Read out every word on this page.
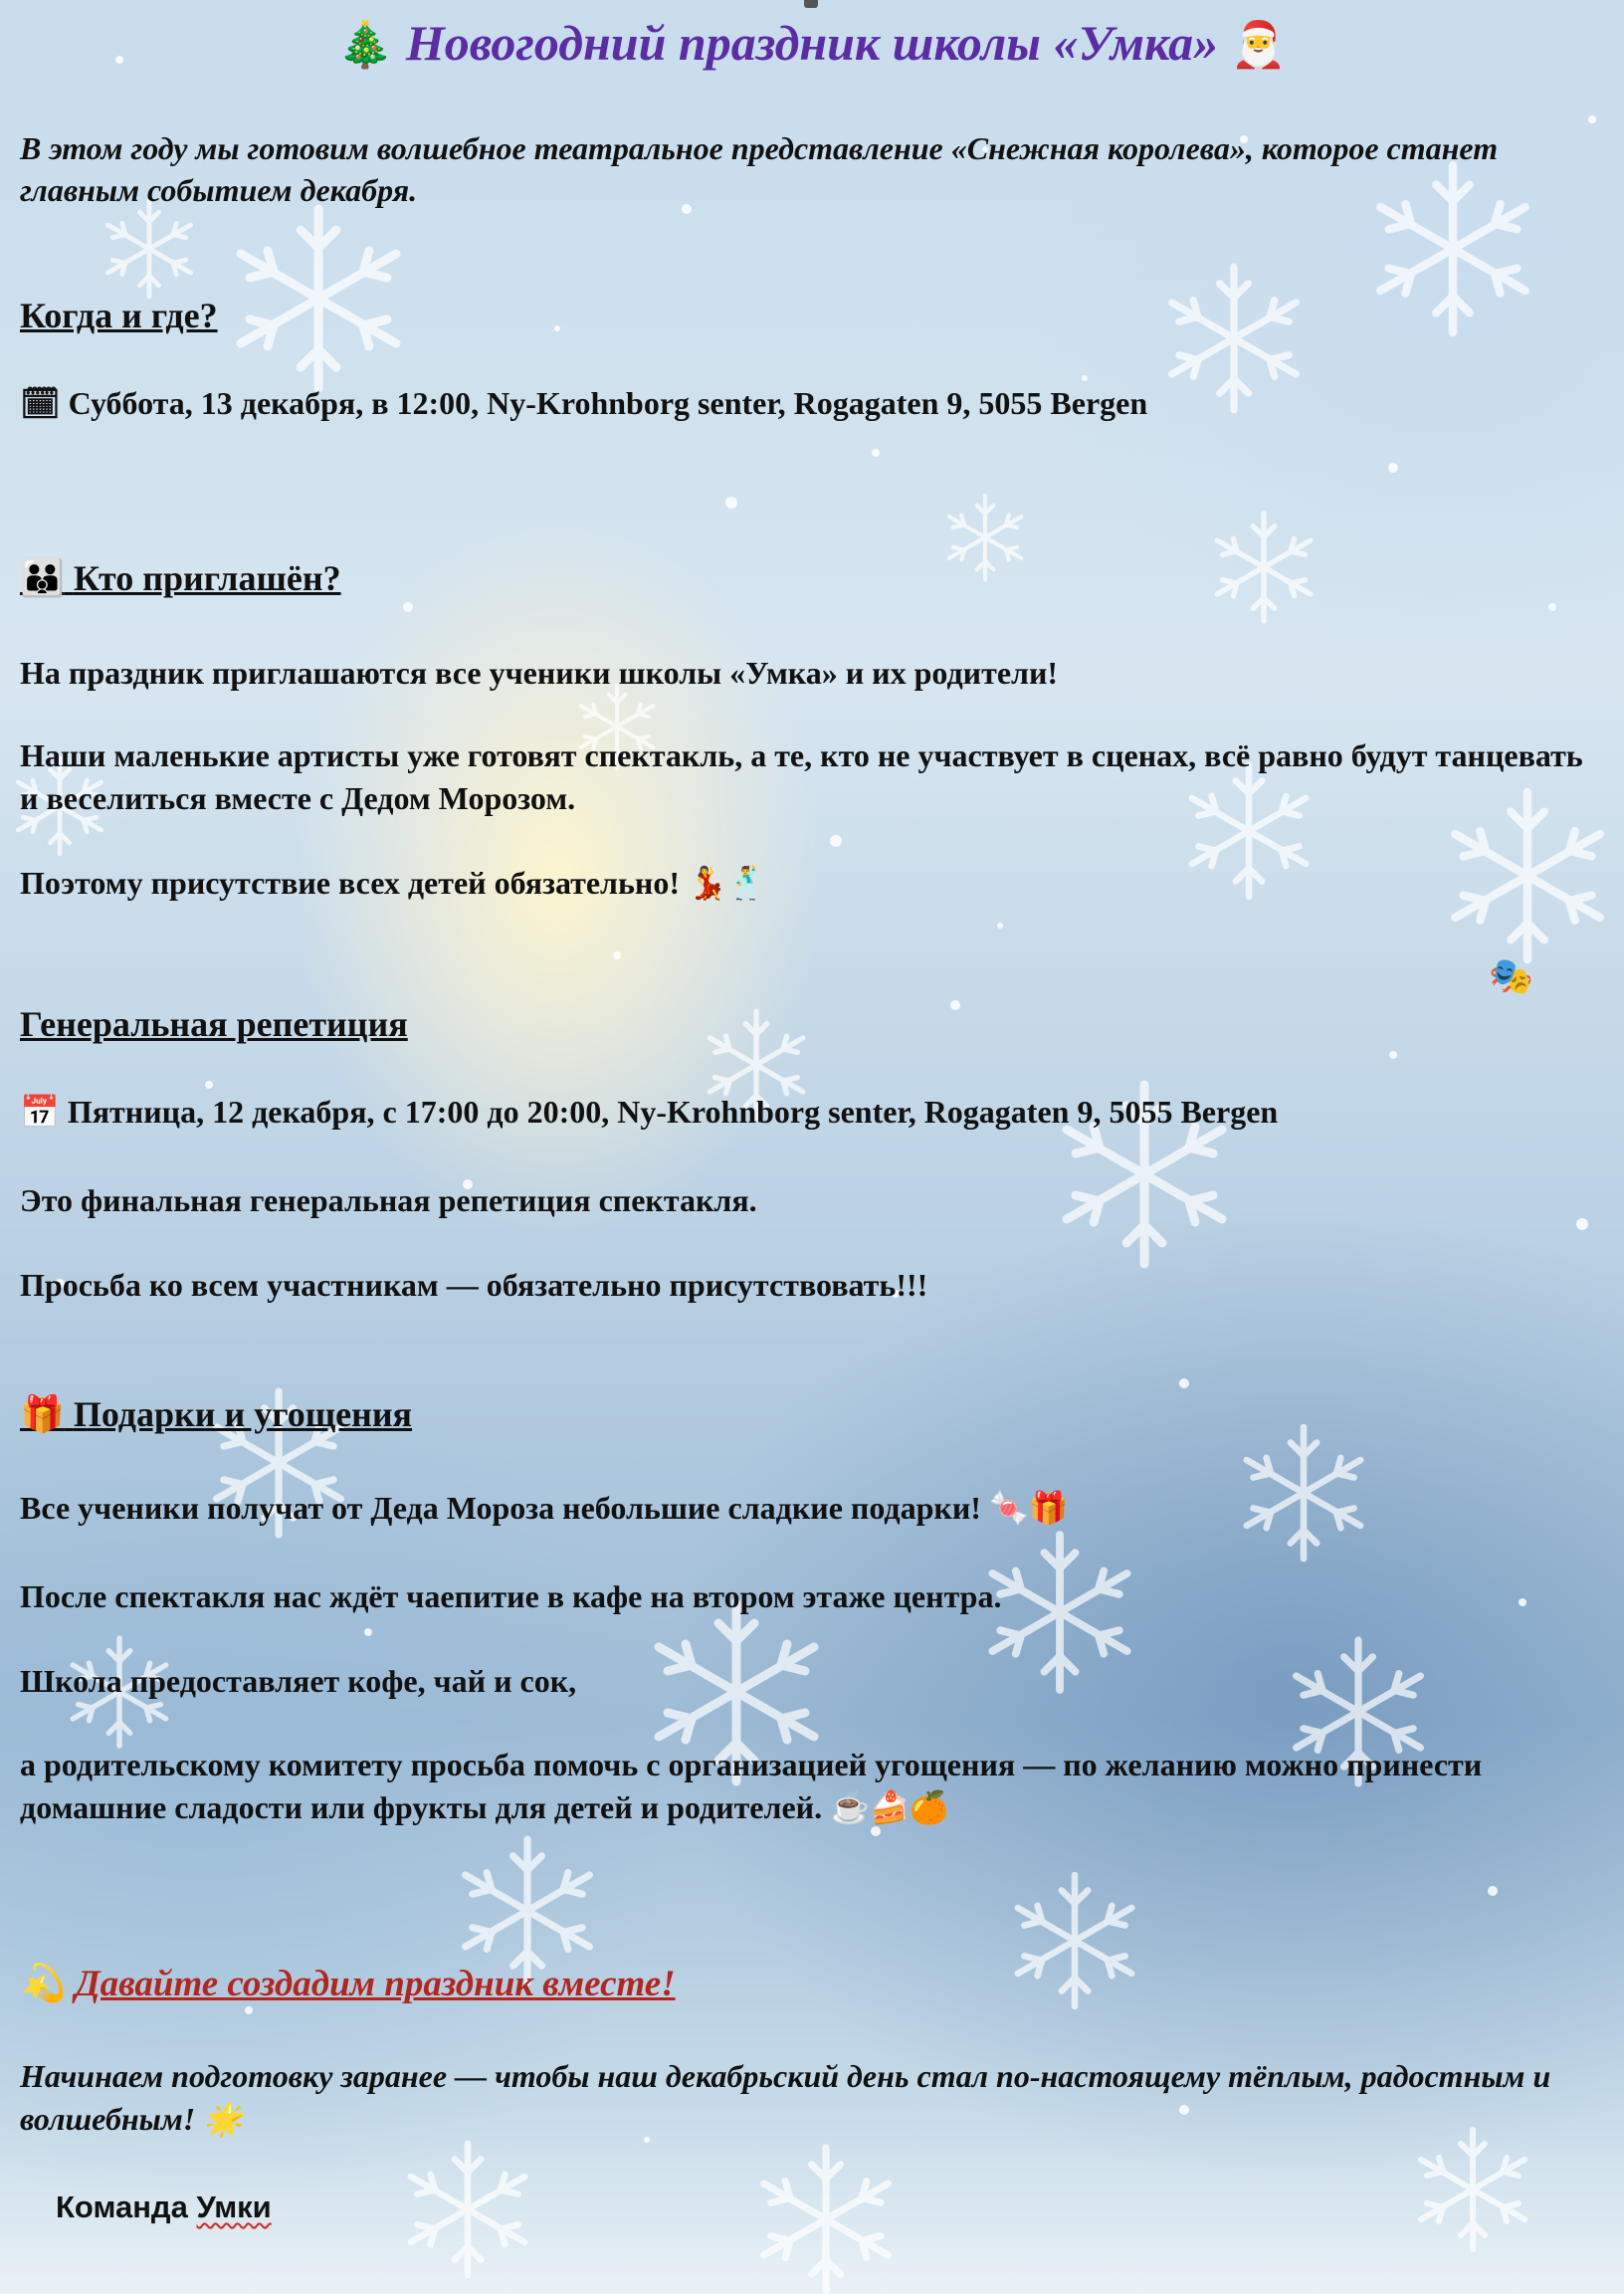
🎄 Новогодний праздник школы «Умка» 🎅
В этом году мы готовим волшебное театральное представление «Снежная королева», которое станет главным событием декабря.
Когда и где?
🗓 Суббота, 13 декабря, в 12:00, Ny-Krohnborg senter, Rogagaten 9, 5055 Bergen
👪 Кто приглашён?
На праздник приглашаются все ученики школы «Умка» и их родители!
Наши маленькие артисты уже готовят спектакль, а те, кто не участвует в сценах, всё равно будут танцевать и веселиться вместе с Дедом Морозом.
Поэтому присутствие всех детей обязательно! 💃🕺
🎭
Генеральная репетиция
📅 Пятница, 12 декабря, с 17:00 до 20:00, Ny-Krohnborg senter, Rogagaten 9, 5055 Bergen
Это финальная генеральная репетиция спектакля.
Просьба ко всем участникам — обязательно присутствовать!!!
🎁 Подарки и угощения
Все ученики получат от Деда Мороза небольшие сладкие подарки! 🍬🎁
После спектакля нас ждёт чаепитие в кафе на втором этаже центра.
Школа предоставляет кофе, чай и сок,
а родительскому комитету просьба помочь с организацией угощения — по желанию можно принести домашние сладости или фрукты для детей и родителей. ☕🍰🍊
💫 Давайте создадим праздник вместе!
Начинаем подготовку заранее — чтобы наш декабрьский день стал по-настоящему тёплым, радостным и волшебным! 🌟
Команда Умки
